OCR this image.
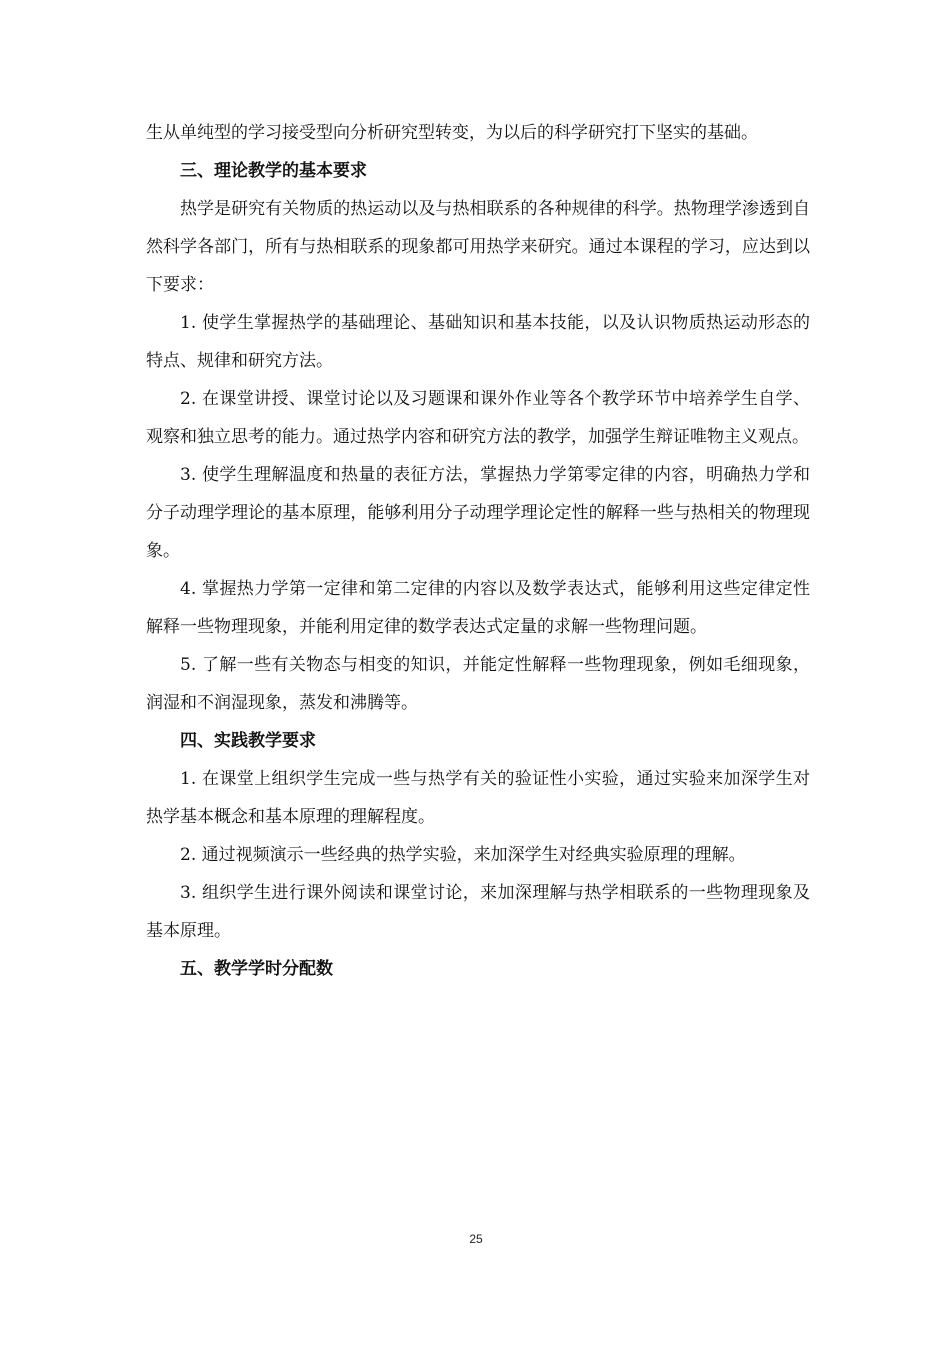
生从单纯型的学习接受型向分析研究型转变，为以后的科学研究打下坚实的基础。

三、理论教学的基本要求

热学是研究有关物质的热运动以及与热相联系的各种规律的科学。热物理学渗透到自然科学各部门，所有与热相联系的现象都可用热学来研究。通过本课程的学习，应达到以下要求：

1. 使学生掌握热学的基础理论、基础知识和基本技能，以及认识物质热运动形态的特点、规律和研究方法。

2. 在课堂讲授、课堂讨论以及习题课和课外作业等各个教学环节中培养学生自学、观察和独立思考的能力。通过热学内容和研究方法的教学，加强学生辩证唯物主义观点。

3. 使学生理解温度和热量的表征方法，掌握热力学第零定律的内容，明确热力学和分子动理学理论的基本原理，能够利用分子动理学理论定性的解释一些与热相关的物理现象。

4. 掌握热力学第一定律和第二定律的内容以及数学表达式，能够利用这些定律定性解释一些物理现象，并能利用定律的数学表达式定量的求解一些物理问题。

5. 了解一些有关物态与相变的知识，并能定性解释一些物理现象，例如毛细现象，润湿和不润湿现象，蒸发和沸腾等。

四、实践教学要求

1. 在课堂上组织学生完成一些与热学有关的验证性小实验，通过实验来加深学生对热学基本概念和基本原理的理解程度。

2. 通过视频演示一些经典的热学实验，来加深学生对经典实验原理的理解。

3. 组织学生进行课外阅读和课堂讨论，来加深理解与热学相联系的一些物理现象及基本原理。

五、教学学时分配数
25
